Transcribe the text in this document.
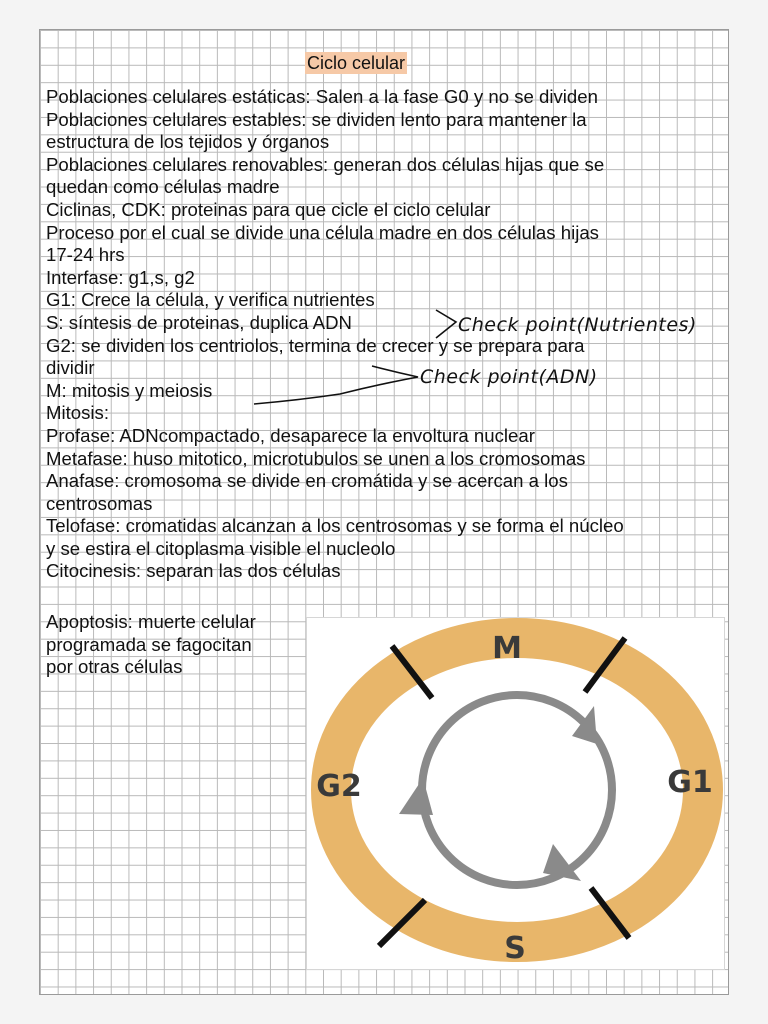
Ciclo celular
Poblaciones celulares estáticas: Salen a la fase G0 y no se dividen
Poblaciones celulares estables: se dividen lento para mantener la
estructura de los tejidos y órganos
Poblaciones celulares renovables: generan dos células hijas que se
quedan como células madre
Ciclinas, CDK: proteinas para que cicle el ciclo celular
Proceso por el cual se divide una célula madre en dos células hijas
17-24 hrs
Interfase: g1,s, g2
G1: Crece la célula, y verifica nutrientes
S: síntesis de proteinas, duplica ADN
G2: se dividen los centriolos, termina de crecer y se prepara para
dividir
M: mitosis y meiosis
Mitosis:
Profase: ADNcompactado, desaparece la envoltura nuclear
Metafase: huso mitotico, microtubulos se unen a los cromosomas
Anafase: cromosoma se divide en cromátida y se acercan a los
centrosomas
Telofase: cromatidas alcanzan a los centrosomas y se forma el núcleo
y se estira el citoplasma visible el nucleolo
Citocinesis: separan las dos células
Apoptosis: muerte celular
programada se fagocitan
por otras células
Check point(Nutrientes)
Check point(ADN)
M
G1
G2
S
